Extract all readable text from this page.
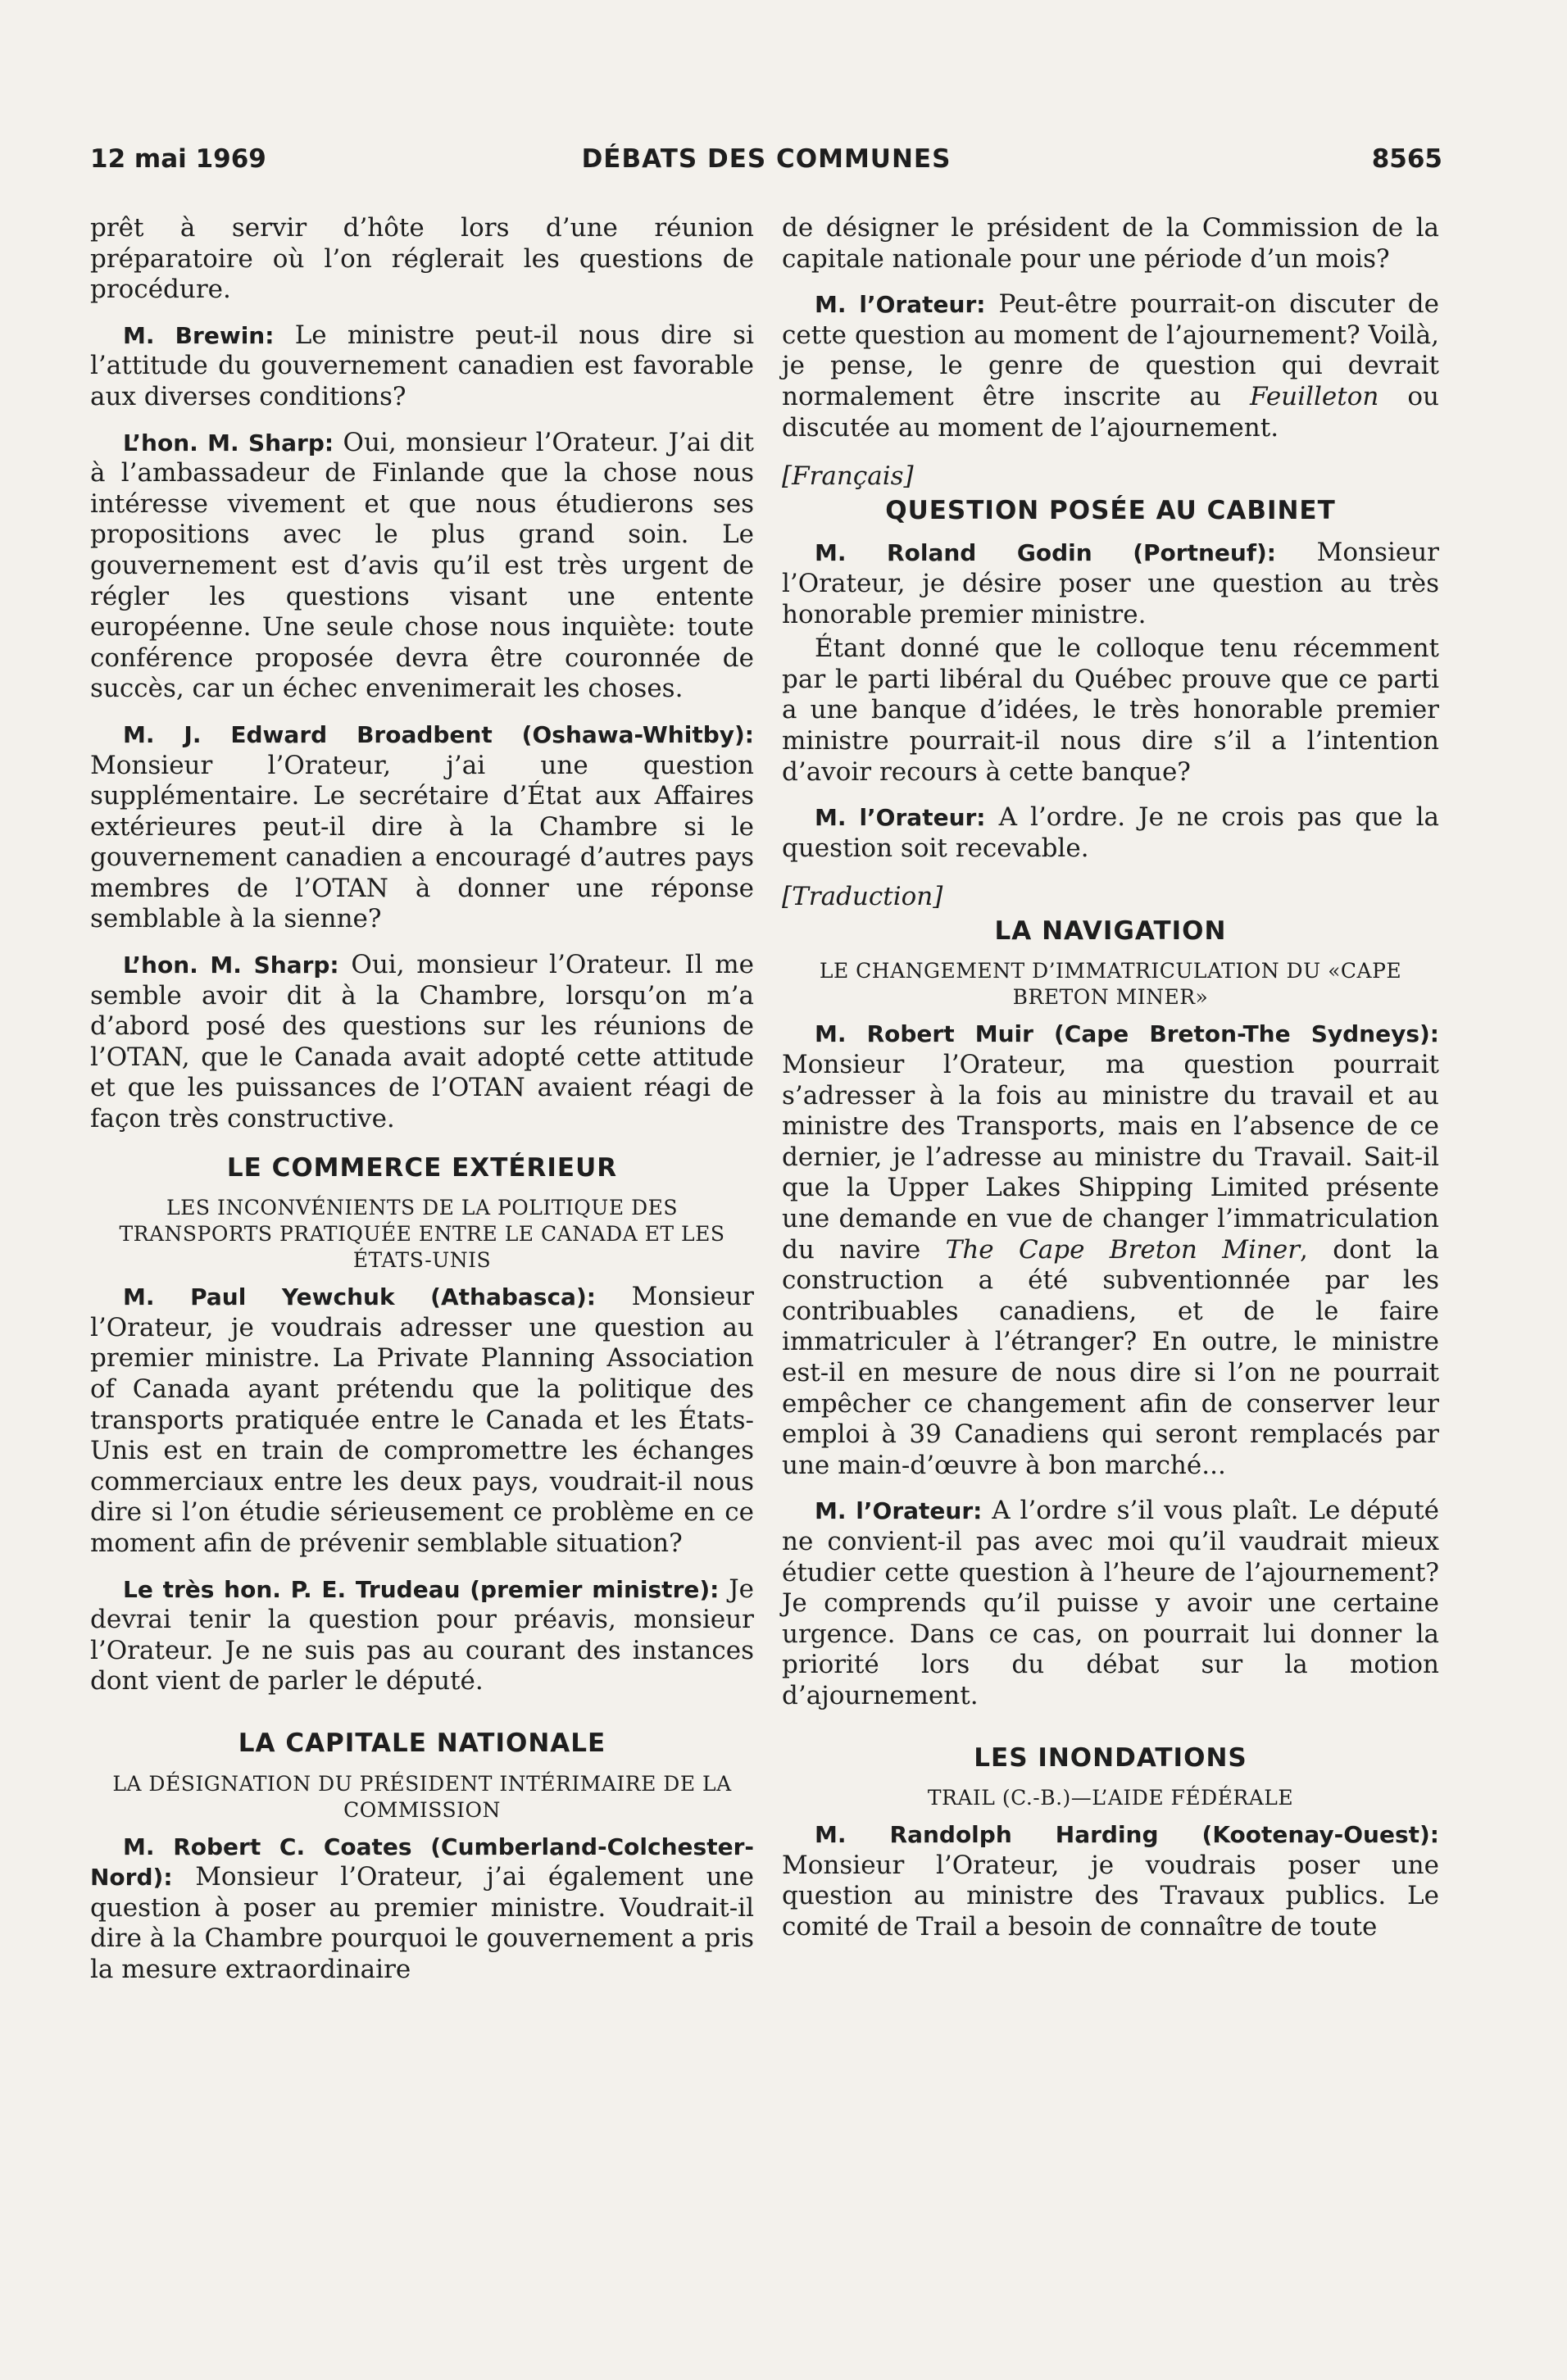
12 mai 1969	DÉBATS DES COMMUNES	8565

prêt à servir d’hôte lors d’une réunion préparatoire où l’on réglerait les questions de procédure.

M. Brewin: Le ministre peut-il nous dire si l’attitude du gouvernement canadien est favorable aux diverses conditions?

L’hon. M. Sharp: Oui, monsieur l’Orateur. J’ai dit à l’ambassadeur de Finlande que la chose nous intéresse vivement et que nous étudierons ses propositions avec le plus grand soin. Le gouvernement est d’avis qu’il est très urgent de régler les questions visant une entente européenne. Une seule chose nous inquiète: toute conférence proposée devra être couronnée de succès, car un échec envenimerait les choses.

M. J. Edward Broadbent (Oshawa-Whitby): Monsieur l’Orateur, j’ai une question supplémentaire. Le secrétaire d’État aux Affaires extérieures peut-il dire à la Chambre si le gouvernement canadien a encouragé d’autres pays membres de l’OTAN à donner une réponse semblable à la sienne?

L’hon. M. Sharp: Oui, monsieur l’Orateur. Il me semble avoir dit à la Chambre, lorsqu’on m’a d’abord posé des questions sur les réunions de l’OTAN, que le Canada avait adopté cette attitude et que les puissances de l’OTAN avaient réagi de façon très constructive.

LE COMMERCE EXTÉRIEUR
LES INCONVÉNIENTS DE LA POLITIQUE DES TRANSPORTS PRATIQUÉE ENTRE LE CANADA ET LES ÉTATS-UNIS

M. Paul Yewchuk (Athabasca): Monsieur l’Orateur, je voudrais adresser une question au premier ministre. La Private Planning Association of Canada ayant prétendu que la politique des transports pratiquée entre le Canada et les États-Unis est en train de compromettre les échanges commerciaux entre les deux pays, voudrait-il nous dire si l’on étudie sérieusement ce problème en ce moment afin de prévenir semblable situation?

Le très hon. P. E. Trudeau (premier ministre): Je devrai tenir la question pour préavis, monsieur l’Orateur. Je ne suis pas au courant des instances dont vient de parler le député.

LA CAPITALE NATIONALE
LA DÉSIGNATION DU PRÉSIDENT INTÉRIMAIRE DE LA COMMISSION

M. Robert C. Coates (Cumberland-Colchester-Nord): Monsieur l’Orateur, j’ai également une question à poser au premier ministre. Voudrait-il dire à la Chambre pourquoi le gouvernement a pris la mesure extraordinaire

de désigner le président de la Commission de la capitale nationale pour une période d’un mois?

M. l’Orateur: Peut-être pourrait-on discuter de cette question au moment de l’ajournement? Voilà, je pense, le genre de question qui devrait normalement être inscrite au Feuilleton ou discutée au moment de l’ajournement.

[Français]
QUESTION POSÉE AU CABINET

M. Roland Godin (Portneuf): Monsieur l’Orateur, je désire poser une question au très honorable premier ministre.

Étant donné que le colloque tenu récemment par le parti libéral du Québec prouve que ce parti a une banque d’idées, le très honorable premier ministre pourrait-il nous dire s’il a l’intention d’avoir recours à cette banque?

M. l’Orateur: A l’ordre. Je ne crois pas que la question soit recevable.

[Traduction]
LA NAVIGATION
LE CHANGEMENT D’IMMATRICULATION DU «CAPE BRETON MINER»

M. Robert Muir (Cape Breton-The Sydneys): Monsieur l’Orateur, ma question pourrait s’adresser à la fois au ministre du travail et au ministre des Transports, mais en l’absence de ce dernier, je l’adresse au ministre du Travail. Sait-il que la Upper Lakes Shipping Limited présente une demande en vue de changer l’immatriculation du navire The Cape Breton Miner, dont la construction a été subventionnée par les contribuables canadiens, et de le faire immatriculer à l’étranger? En outre, le ministre est-il en mesure de nous dire si l’on ne pourrait empêcher ce changement afin de conserver leur emploi à 39 Canadiens qui seront remplacés par une main-d’œuvre à bon marché...

M. l’Orateur: A l’ordre s’il vous plaît. Le député ne convient-il pas avec moi qu’il vaudrait mieux étudier cette question à l’heure de l’ajournement? Je comprends qu’il puisse y avoir une certaine urgence. Dans ce cas, on pourrait lui donner la priorité lors du débat sur la motion d’ajournement.

LES INONDATIONS
TRAIL (C.-B.)—L’AIDE FÉDÉRALE

M. Randolph Harding (Kootenay-Ouest): Monsieur l’Orateur, je voudrais poser une question au ministre des Travaux publics. Le comité de Trail a besoin de connaître de toute
